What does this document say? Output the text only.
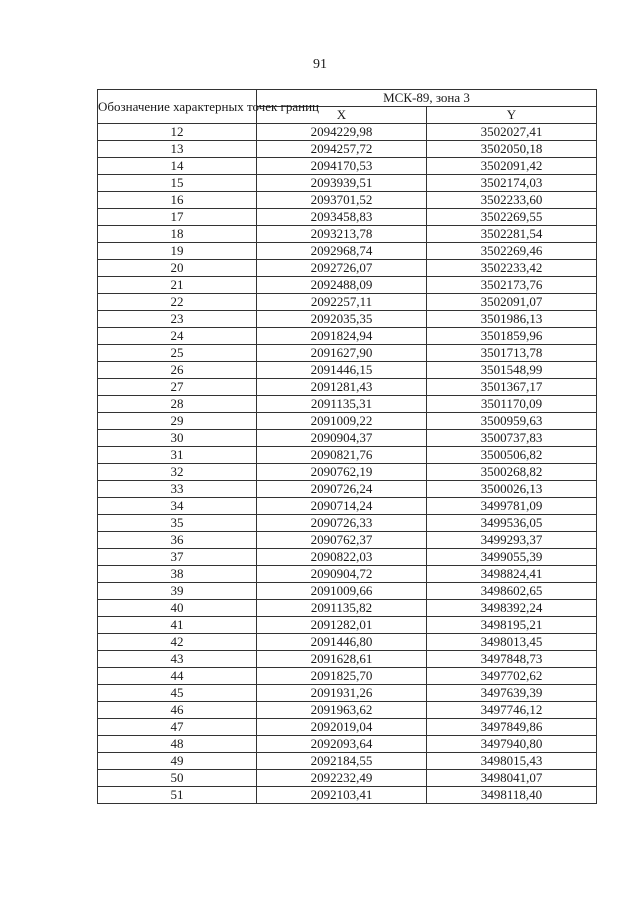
91
Обозначение характерных точек границ	МСК-89, зона 3	
	X	Y
12	2094229,98	3502027,41
13	2094257,72	3502050,18
14	2094170,53	3502091,42
15	2093939,51	3502174,03
16	2093701,52	3502233,60
17	2093458,83	3502269,55
18	2093213,78	3502281,54
19	2092968,74	3502269,46
20	2092726,07	3502233,42
21	2092488,09	3502173,76
22	2092257,11	3502091,07
23	2092035,35	3501986,13
24	2091824,94	3501859,96
25	2091627,90	3501713,78
26	2091446,15	3501548,99
27	2091281,43	3501367,17
28	2091135,31	3501170,09
29	2091009,22	3500959,63
30	2090904,37	3500737,83
31	2090821,76	3500506,82
32	2090762,19	3500268,82
33	2090726,24	3500026,13
34	2090714,24	3499781,09
35	2090726,33	3499536,05
36	2090762,37	3499293,37
37	2090822,03	3499055,39
38	2090904,72	3498824,41
39	2091009,66	3498602,65
40	2091135,82	3498392,24
41	2091282,01	3498195,21
42	2091446,80	3498013,45
43	2091628,61	3497848,73
44	2091825,70	3497702,62
45	2091931,26	3497639,39
46	2091963,62	3497746,12
47	2092019,04	3497849,86
48	2092093,64	3497940,80
49	2092184,55	3498015,43
50	2092232,49	3498041,07
51	2092103,41	3498118,40
